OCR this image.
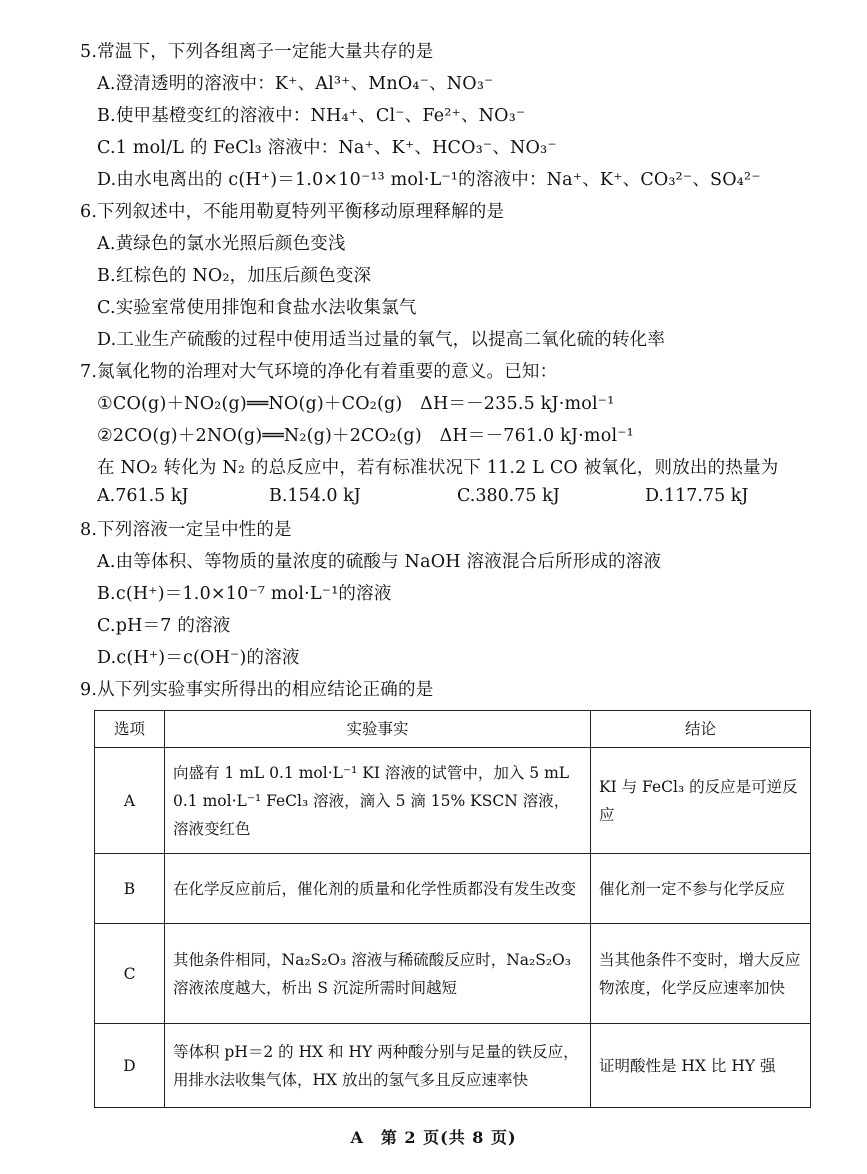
5.常温下，下列各组离子一定能大量共存的是
A.澄清透明的溶液中：K⁺、Al³⁺、MnO₄⁻、NO₃⁻
B.使甲基橙变红的溶液中：NH₄⁺、Cl⁻、Fe²⁺、NO₃⁻
C.1 mol/L 的 FeCl₃ 溶液中：Na⁺、K⁺、HCO₃⁻、NO₃⁻
D.由水电离出的 c(H⁺)＝1.0×10⁻¹³ mol·L⁻¹的溶液中：Na⁺、K⁺、CO₃²⁻、SO₄²⁻
6.下列叙述中，不能用勒夏特列平衡移动原理释解的是
A.黄绿色的氯水光照后颜色变浅
B.红棕色的 NO₂，加压后颜色变深
C.实验室常使用排饱和食盐水法收集氯气
D.工业生产硫酸的过程中使用适当过量的氧气，以提高二氧化硫的转化率
7.氮氧化物的治理对大气环境的净化有着重要的意义。已知：
①CO(g)＋NO₂(g)══NO(g)＋CO₂(g)　ΔH＝－235.5 kJ·mol⁻¹
②2CO(g)＋2NO(g)══N₂(g)＋2CO₂(g)　ΔH＝－761.0 kJ·mol⁻¹
在 NO₂ 转化为 N₂ 的总反应中，若有标准状况下 11.2 L CO 被氧化，则放出的热量为
A.761.5 kJ	B.154.0 kJ	C.380.75 kJ	D.117.75 kJ
8.下列溶液一定呈中性的是
A.由等体积、等物质的量浓度的硫酸与 NaOH 溶液混合后所形成的溶液
B.c(H⁺)＝1.0×10⁻⁷ mol·L⁻¹的溶液
C.pH＝7 的溶液
D.c(H⁺)＝c(OH⁻)的溶液
9.从下列实验事实所得出的相应结论正确的是
选项	实验事实	结论
A	向盛有 1 mL 0.1 mol·L⁻¹ KI 溶液的试管中，加入 5 mL 0.1 mol·L⁻¹ FeCl₃ 溶液，滴入 5 滴 15% KSCN 溶液，溶液变红色	KI 与 FeCl₃ 的反应是可逆反应
B	在化学反应前后，催化剂的质量和化学性质都没有发生改变	催化剂一定不参与化学反应
C	其他条件相同，Na₂S₂O₃ 溶液与稀硫酸反应时，Na₂S₂O₃ 溶液浓度越大，析出 S 沉淀所需时间越短	当其他条件不变时，增大反应物浓度，化学反应速率加快
D	等体积 pH＝2 的 HX 和 HY 两种酸分别与足量的铁反应，用排水法收集气体，HX 放出的氢气多且反应速率快	证明酸性是 HX 比 HY 强
A　第 2 页(共 8 页)
